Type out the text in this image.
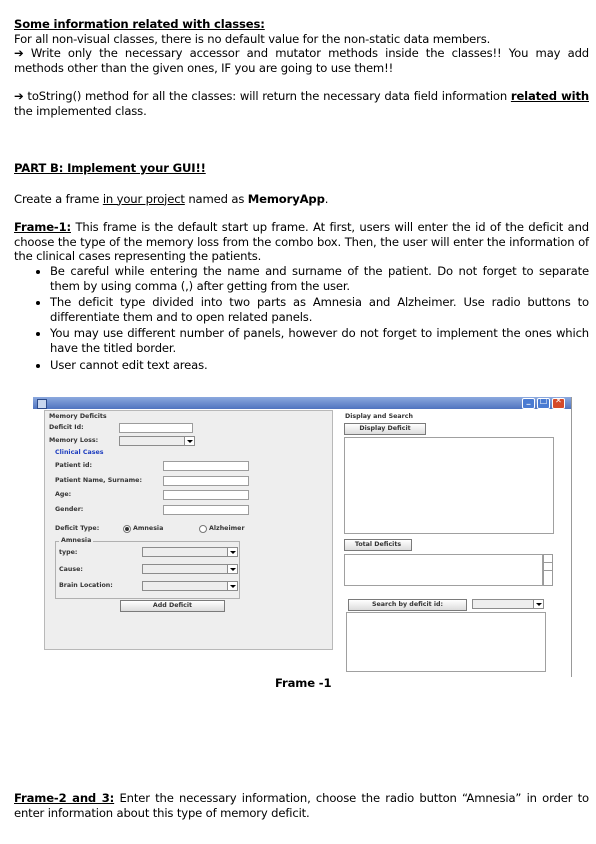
Some information related with classes:

For all non-visual classes, there is no default value for the non-static data members.

➔ Write only the necessary accessor and mutator methods inside the classes!! You may add methods other than the given ones, IF you are going to use them!!

➔ toString() method for all the classes: will return the necessary data field information related with the implemented class.

PART B: Implement your GUI!!

Create a frame in your project named as MemoryApp.

Frame-1: This frame is the default start up frame. At first, users will enter the id of the deficit and choose the type of the memory loss from the combo box. Then, the user will enter the information of the clinical cases representing the patients.

• Be careful while entering the name and surname of the patient. Do not forget to separate them by using comma (,) after getting from the user.
• The deficit type divided into two parts as Amnesia and Alzheimer. Use radio buttons to differentiate them and to open related panels.
• You may use different number of panels, however do not forget to implement the ones which have the titled border.
• User cannot edit text areas.
_	□ ✕
Memory Deficits
Deficit Id:
Memory Loss:
Clinical Cases
Patient id:
Patient Name, Surname:
Age:
Gender:
Deficit Type:	Amnesia	Alzheimer
Amnesia
type:
Cause:
Brain Location:
Add Deficit
Display and Search
Display Deficit
Total Deficits
Search by deficit id:
Frame -1

Frame-2 and 3: Enter the necessary information, choose the radio button “Amnesia” in order to enter information about this type of memory deficit.
